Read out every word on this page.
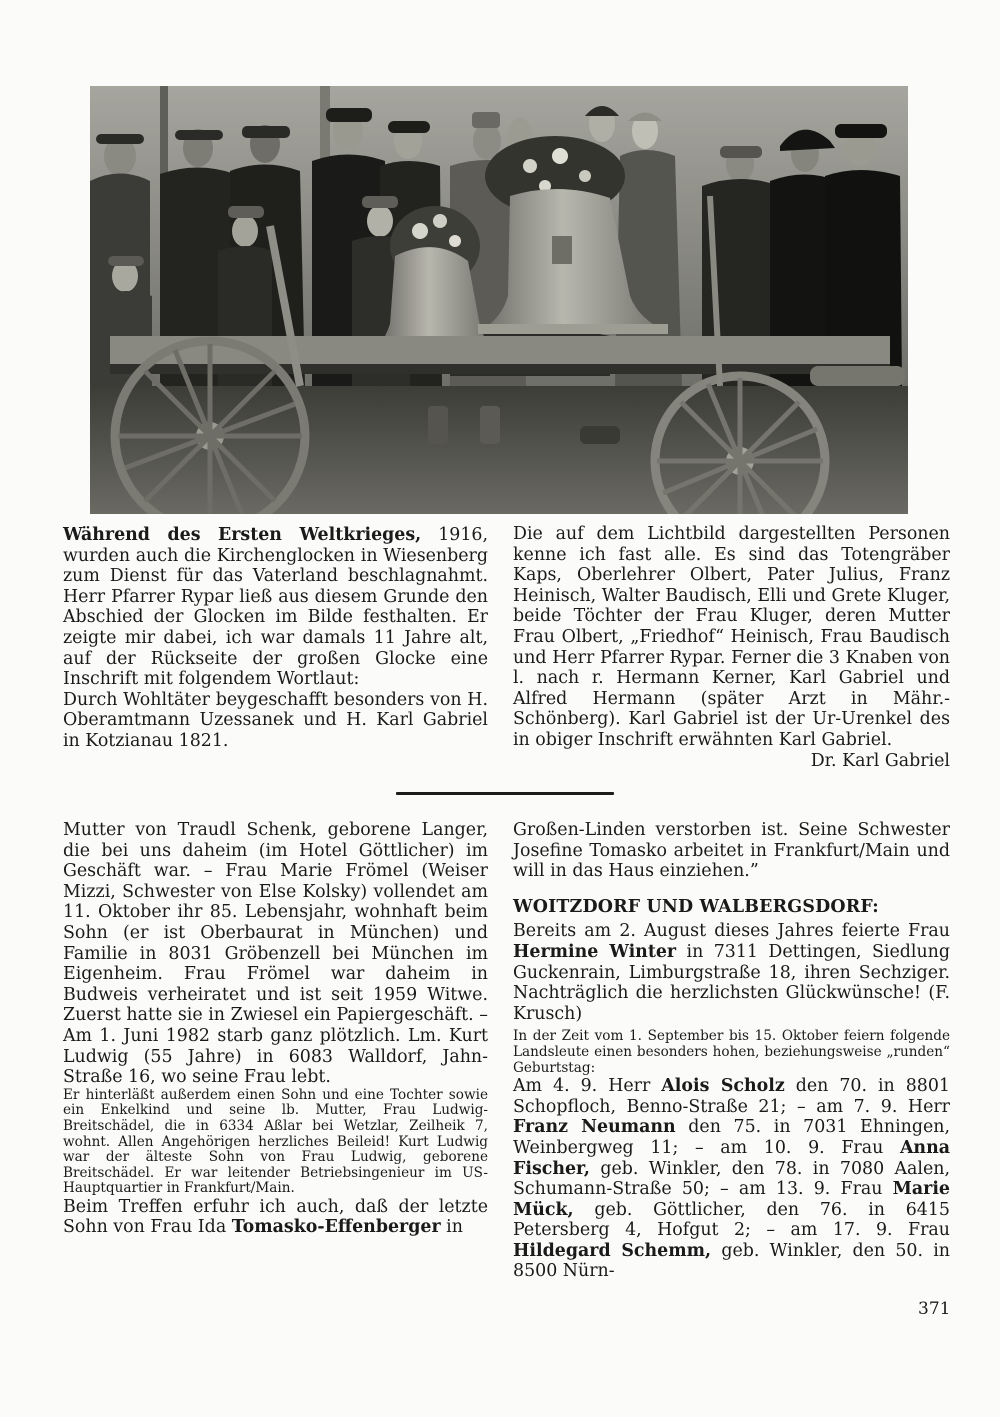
Während des Ersten Weltkrieges, 1916, wurden auch die Kirchenglocken in Wiesenberg zum Dienst für das Vaterland beschlagnahmt. Herr Pfarrer Rypar ließ aus diesem Grunde den Abschied der Glocken im Bilde festhalten. Er zeigte mir dabei, ich war damals 11 Jahre alt, auf der Rückseite der großen Glocke eine Inschrift mit folgendem Wortlaut:

Durch Wohltäter beygeschafft besonders von H. Oberamtmann Uzessanek und H. Karl Gabriel in Kotzianau 1821.

Die auf dem Lichtbild dargestellten Personen kenne ich fast alle. Es sind das Totengräber Kaps, Oberlehrer Olbert, Pater Julius, Franz Heinisch, Walter Baudisch, Elli und Grete Kluger, beide Töchter der Frau Kluger, deren Mutter Frau Olbert, „Friedhof“ Heinisch, Frau Baudisch und Herr Pfarrer Rypar. Ferner die 3 Knaben von l. nach r. Hermann Kerner, Karl Gabriel und Alfred Hermann (später Arzt in Mähr.-Schönberg). Karl Gabriel ist der Ur-Urenkel des in obiger Inschrift erwähnten Karl Gabriel.

Dr. Karl Gabriel

Mutter von Traudl Schenk, geborene Langer, die bei uns daheim (im Hotel Göttlicher) im Geschäft war. – Frau Marie Frömel (Weiser Mizzi, Schwester von Else Kolsky) vollendet am 11. Oktober ihr 85. Lebensjahr, wohnhaft beim Sohn (er ist Oberbaurat in München) und Familie in 8031 Gröbenzell bei München im Eigenheim. Frau Frömel war daheim in Budweis verheiratet und ist seit 1959 Witwe. Zuerst hatte sie in Zwiesel ein Papiergeschäft. – Am 1. Juni 1982 starb ganz plötzlich. Lm. Kurt Ludwig (55 Jahre) in 6083 Walldorf, Jahn-Straße 16, wo seine Frau lebt.

Er hinterläßt außerdem einen Sohn und eine Tochter sowie ein Enkelkind und seine lb. Mutter, Frau Ludwig-Breitschädel, die in 6334 Aßlar bei Wetzlar, Zeilheik 7, wohnt. Allen Angehörigen herzliches Beileid! Kurt Ludwig war der älteste Sohn von Frau Ludwig, geborene Breitschädel. Er war leitender Betriebsingenieur im US-Hauptquartier in Frankfurt/Main.

Beim Treffen erfuhr ich auch, daß der letzte Sohn von Frau Ida Tomasko-Effenberger in

Großen-Linden verstorben ist. Seine Schwester Josefine Tomasko arbeitet in Frankfurt/Main und will in das Haus einziehen.”

WOITZDORF UND WALBERGSDORF:

Bereits am 2. August dieses Jahres feierte Frau Hermine Winter in 7311 Dettingen, Siedlung Guckenrain, Limburgstraße 18, ihren Sechziger. Nachträglich die herzlichsten Glückwünsche! (F. Krusch)

In der Zeit vom 1. September bis 15. Oktober feiern folgende Landsleute einen besonders hohen, beziehungsweise „runden“ Geburtstag:

Am 4. 9. Herr Alois Scholz den 70. in 8801 Schopfloch, Benno-Straße 21; – am 7. 9. Herr Franz Neumann den 75. in 7031 Ehningen, Weinbergweg 11; – am 10. 9. Frau Anna Fischer, geb. Winkler, den 78. in 7080 Aalen, Schumann-Straße 50; – am 13. 9. Frau Marie Mück, geb. Göttlicher, den 76. in 6415 Petersberg 4, Hofgut 2; – am 17. 9. Frau Hildegard Schemm, geb. Winkler, den 50. in 8500 Nürn-

371
